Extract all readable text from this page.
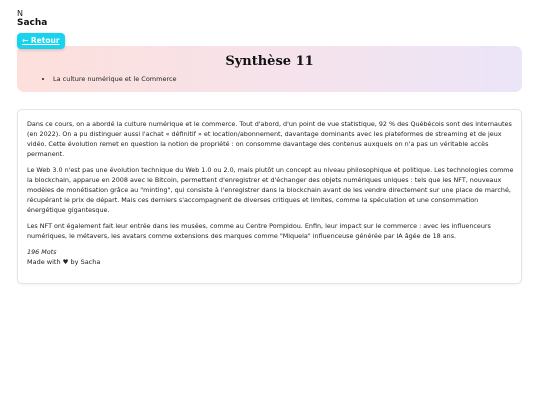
N
Sacha
Synthèse 11
• La culture numérique et le Commerce
← Retour

Dans ce cours, on a abordé la culture numérique et le commerce. Tout d'abord, d'un point de vue statistique, 92 % des Québécois sont des internautes (en 2022). On a pu distinguer aussi l'achat « définitif » et location/abonnement, davantage dominants avec les plateformes de streaming et de jeux vidéo. Cette évolution remet en question la notion de propriété : on consomme davantage des contenus auxquels on n'a pas un véritable accès permanent.

Le Web 3.0 n'est pas une évolution technique du Web 1.0 ou 2.0, mais plutôt un concept au niveau philosophique et politique. Les technologies comme la blockchain, apparue en 2008 avec le Bitcoin, permettent d'enregistrer et d'échanger des objets numériques uniques : tels que les NFT, nouveaux modèles de monétisation grâce au "minting", qui consiste à l'enregistrer dans la blockchain avant de les vendre directement sur une place de marché, récupérant le prix de départ. Mais ces derniers s'accompagnent de diverses critiques et limites, comme la spéculation et une consommation énergétique gigantesque.

Les NFT ont également fait leur entrée dans les musées, comme au Centre Pompidou. Enfin, leur impact sur le commerce : avec les influenceurs numériques, le métavers, les avatars comme extensions des marques comme "Miquela" influenceuse générée par IA âgée de 18 ans.

196 Mots

Made with ♥ by Sacha
